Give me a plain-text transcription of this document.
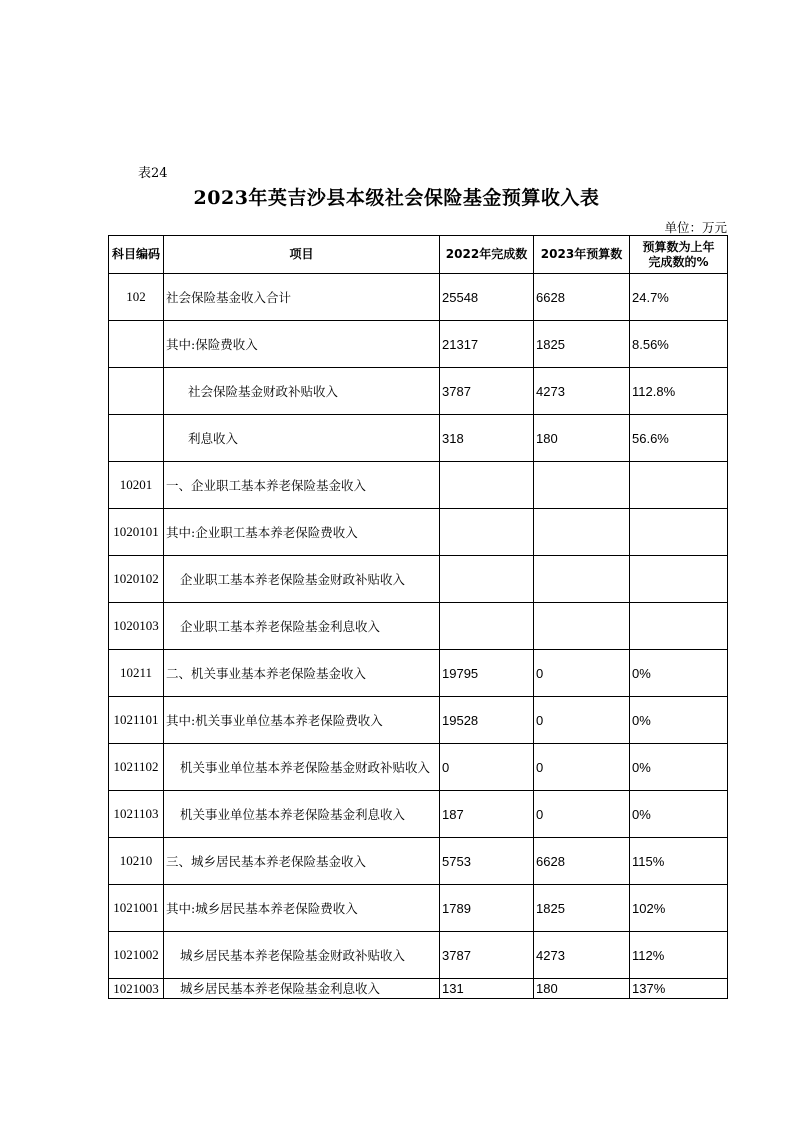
表24
2023年英吉沙县本级社会保险基金预算收入表
单位：万元
科目编码	项目	2022年完成数	2023年预算数	预算数为上年
完成数的%

102	社会保险基金收入合计	25548	6628	24.7%
	其中:保险费收入	21317	1825	8.56%
	社会保险基金财政补贴收入	3787	4273	112.8%
	利息收入	318	180	56.6%
10201	一、企业职工基本养老保险基金收入			
1020101	其中:企业职工基本养老保险费收入			
1020102	企业职工基本养老保险基金财政补贴收入			
1020103	企业职工基本养老保险基金利息收入			
10211	二、机关事业基本养老保险基金收入	19795	0	0%
1021101	其中:机关事业单位基本养老保险费收入	19528	0	0%
1021102	机关事业单位基本养老保险基金财政补贴收入	0	0	0%
1021103	机关事业单位基本养老保险基金利息收入	187	0	0%
10210	三、城乡居民基本养老保险基金收入	5753	6628	115%
1021001	其中:城乡居民基本养老保险费收入	1789	1825	102%
1021002	城乡居民基本养老保险基金财政补贴收入	3787	4273	112%
1021003	城乡居民基本养老保险基金利息收入	131	180	137%
